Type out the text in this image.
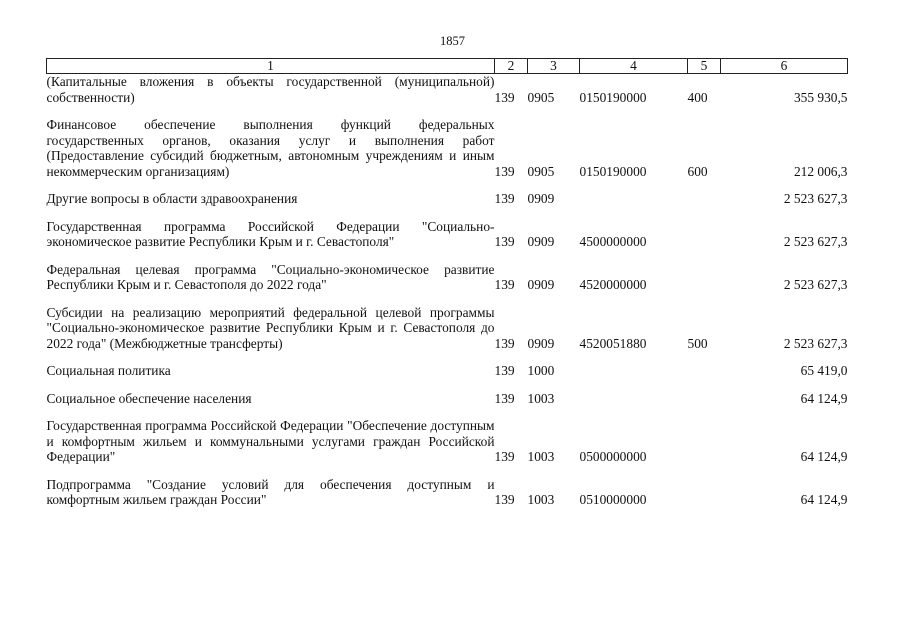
1857
1	2	3	4	5	6
(Капитальные вложения в объекты государственной (муниципальной) собственности)	139	0905	0150190000	400	355 930,5

Финансовое обеспечение выполнения функций федеральных государственных органов, оказания услуг и выполнения работ (Предоставление субсидий бюджетным, автономным учреждениям и иным некоммерческим организациям)	139	0905	0150190000	600	212 006,3

Другие вопросы в области здравоохранения	139	0909			2 523 627,3

Государственная программа Российской Федерации "Социально-экономическое развитие Республики Крым и г. Севастополя"	139	0909	4500000000		2 523 627,3

Федеральная целевая программа "Социально-экономическое развитие Республики Крым и г. Севастополя до 2022 года"	139	0909	4520000000		2 523 627,3

Субсидии на реализацию мероприятий федеральной целевой программы "Социально-экономическое развитие Республики Крым и г. Севастополя до 2022 года" (Межбюджетные трансферты)	139	0909	4520051880	500	2 523 627,3

Социальная политика	139	1000			65 419,0

Социальное обеспечение населения	139	1003			64 124,9

Государственная программа Российской Федерации "Обеспечение доступным и комфортным жильем и коммунальными услугами граждан Российской Федерации"	139	1003	0500000000		64 124,9

Подпрограмма "Создание условий для обеспечения доступным и комфортным жильем граждан России"	139	1003	0510000000		64 124,9
